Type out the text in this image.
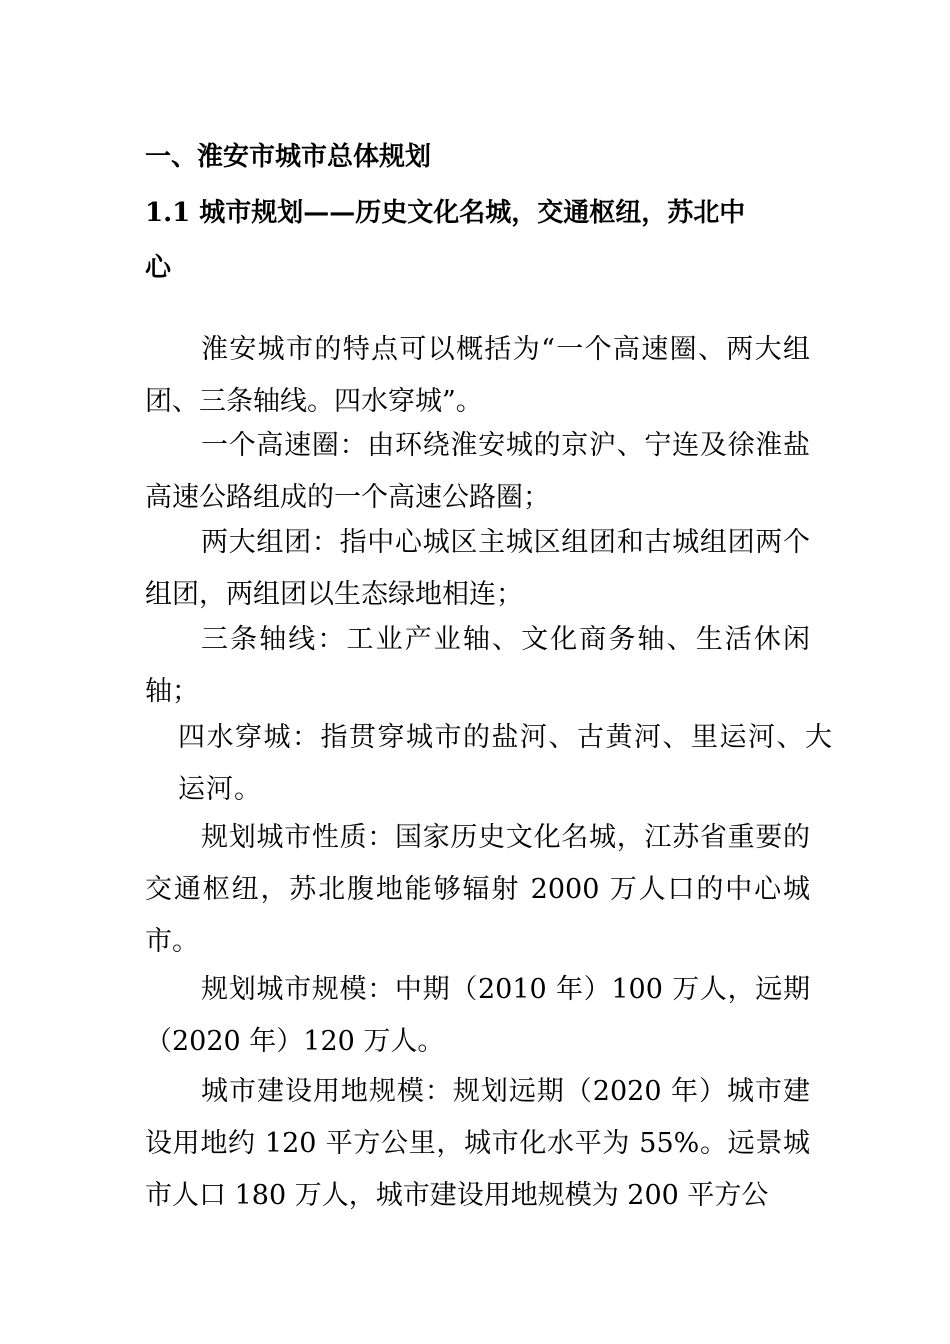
一、淮安市城市总体规划
1.1 城市规划——历史文化名城，交通枢纽，苏北中
心

淮安城市的特点可以概括为“一个高速圈、两大组团、三条轴线。四水穿城”。

一个高速圈：由环绕淮安城的京沪、宁连及徐淮盐高速公路组成的一个高速公路圈；

两大组团：指中心城区主城区组团和古城组团两个组团，两组团以生态绿地相连；

三条轴线：工业产业轴、文化商务轴、生活休闲轴；

四水穿城：指贯穿城市的盐河、古黄河、里运河、大运河。

规划城市性质：国家历史文化名城，江苏省重要的交通枢纽，苏北腹地能够辐射 2000 万人口的中心城市。

规划城市规模：中期（2010 年）100 万人，远期（2020 年）120 万人。

城市建设用地规模：规划远期（2020 年）城市建设用地约 120 平方公里，城市化水平为 55%。远景城市人口 180 万人，城市建设用地规模为 200 平方公
